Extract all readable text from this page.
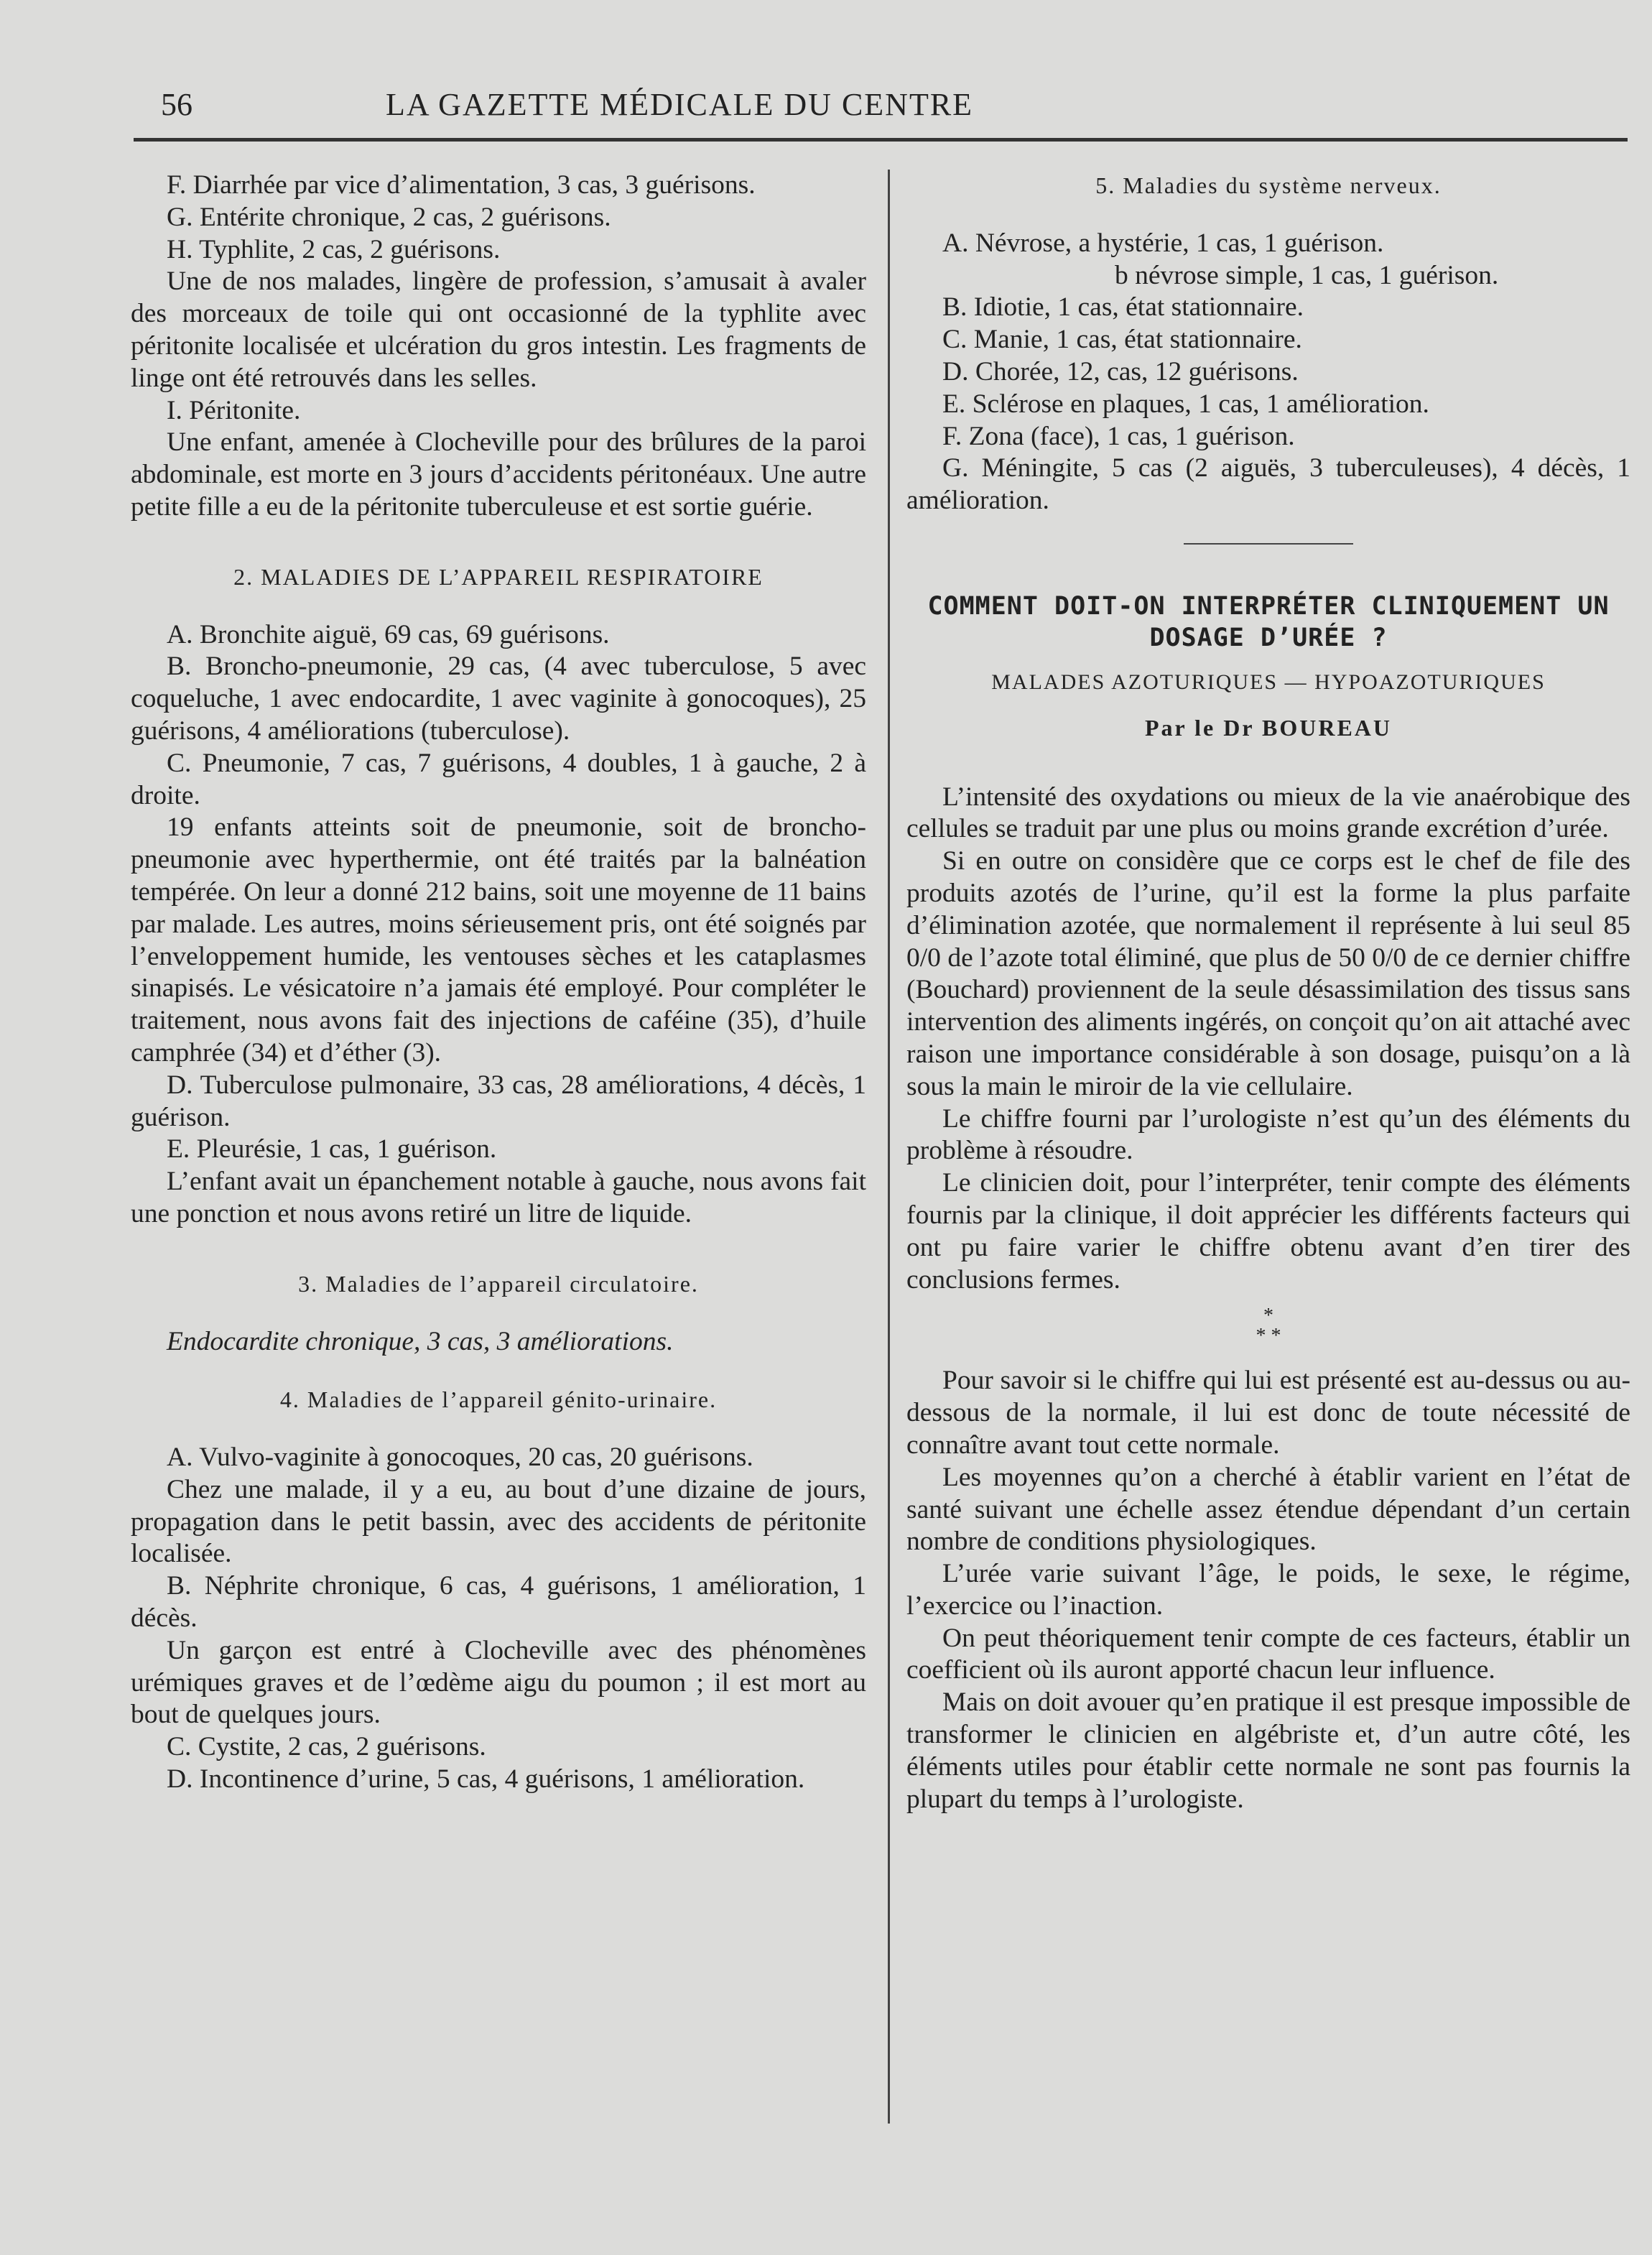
56	LA GAZETTE MÉDICALE DU CENTRE

F. Diarrhée par vice d’alimentation, 3 cas, 3 guérisons.

G. Entérite chronique, 2 cas, 2 guérisons.

H. Typhlite, 2 cas, 2 guérisons.

Une de nos malades, lingère de profession, s’amusait à avaler des morceaux de toile qui ont occasionné de la typhlite avec péritonite localisée et ulcération du gros intestin. Les fragments de linge ont été retrouvés dans les selles.

I. Péritonite.

Une enfant, amenée à Clocheville pour des brûlures de la paroi abdominale, est morte en 3 jours d’accidents péritonéaux. Une autre petite fille a eu de la péritonite tuberculeuse et est sortie guérie.

2. MALADIES DE L’APPAREIL RESPIRATOIRE

A. Bronchite aiguë, 69 cas, 69 guérisons.

B. Broncho-pneumonie, 29 cas, (4 avec tuberculose, 5 avec coqueluche, 1 avec endocardite, 1 avec vaginite à gonocoques), 25 guérisons, 4 améliorations (tuberculose).

C. Pneumonie, 7 cas, 7 guérisons, 4 doubles, 1 à gauche, 2 à droite.

19 enfants atteints soit de pneumonie, soit de broncho-pneumonie avec hyperthermie, ont été traités par la balnéation tempérée. On leur a donné 212 bains, soit une moyenne de 11 bains par malade. Les autres, moins sérieusement pris, ont été soignés par l’enveloppement humide, les ventouses sèches et les cataplasmes sinapisés. Le vésicatoire n’a jamais été employé. Pour compléter le traitement, nous avons fait des injections de caféine (35), d’huile camphrée (34) et d’éther (3).

D. Tuberculose pulmonaire, 33 cas, 28 améliorations, 4 décès, 1 guérison.

E. Pleurésie, 1 cas, 1 guérison.

L’enfant avait un épanchement notable à gauche, nous avons fait une ponction et nous avons retiré un litre de liquide.

3. Maladies de l’appareil circulatoire.

Endocardite chronique, 3 cas, 3 améliorations.

4. Maladies de l’appareil génito-urinaire.

A. Vulvo-vaginite à gonocoques, 20 cas, 20 guérisons.

Chez une malade, il y a eu, au bout d’une dizaine de jours, propagation dans le petit bassin, avec des accidents de péritonite localisée.

B. Néphrite chronique, 6 cas, 4 guérisons, 1 amélioration, 1 décès.

Un garçon est entré à Clocheville avec des phénomènes urémiques graves et de l’œdème aigu du poumon ; il est mort au bout de quelques jours.

C. Cystite, 2 cas, 2 guérisons.

D. Incontinence d’urine, 5 cas, 4 guérisons, 1 amélioration.

5. Maladies du système nerveux.

A. Névrose, a hystérie, 1 cas, 1 guérison.

b névrose simple, 1 cas, 1 guérison.

B. Idiotie, 1 cas, état stationnaire.

C. Manie, 1 cas, état stationnaire.

D. Chorée, 12, cas, 12 guérisons.

E. Sclérose en plaques, 1 cas, 1 amélioration.

F. Zona (face), 1 cas, 1 guérison.

G. Méningite, 5 cas (2 aiguës, 3 tuberculeuses), 4 décès, 1 amélioration.

COMMENT DOIT-ON INTERPRÉTER CLINIQUEMENT UN DOSAGE D’URÉE ?

MALADES AZOTURIQUES — HYPOAZOTURIQUES

Par le Dr BOUREAU

L’intensité des oxydations ou mieux de la vie anaérobique des cellules se traduit par une plus ou moins grande excrétion d’urée.

Si en outre on considère que ce corps est le chef de file des produits azotés de l’urine, qu’il est la forme la plus parfaite d’élimination azotée, que normalement il représente à lui seul 85 0/0 de l’azote total éliminé, que plus de 50 0/0 de ce dernier chiffre (Bouchard) proviennent de la seule désassimilation des tissus sans intervention des aliments ingérés, on conçoit qu’on ait attaché avec raison une importance considérable à son dosage, puisqu’on a là sous la main le miroir de la vie cellulaire.

Le chiffre fourni par l’urologiste n’est qu’un des éléments du problème à résoudre.

Le clinicien doit, pour l’interpréter, tenir compte des éléments fournis par la clinique, il doit apprécier les différents facteurs qui ont pu faire varier le chiffre obtenu avant d’en tirer des conclusions fermes.

*
* *

Pour savoir si le chiffre qui lui est présenté est au-dessus ou au-dessous de la normale, il lui est donc de toute nécessité de connaître avant tout cette normale.

Les moyennes qu’on a cherché à établir varient en l’état de santé suivant une échelle assez étendue dépendant d’un certain nombre de conditions physiologiques.

L’urée varie suivant l’âge, le poids, le sexe, le régime, l’exercice ou l’inaction.

On peut théoriquement tenir compte de ces facteurs, établir un coefficient où ils auront apporté chacun leur influence.

Mais on doit avouer qu’en pratique il est presque impossible de transformer le clinicien en algébriste et, d’un autre côté, les éléments utiles pour établir cette normale ne sont pas fournis la plupart du temps à l’urologiste.
